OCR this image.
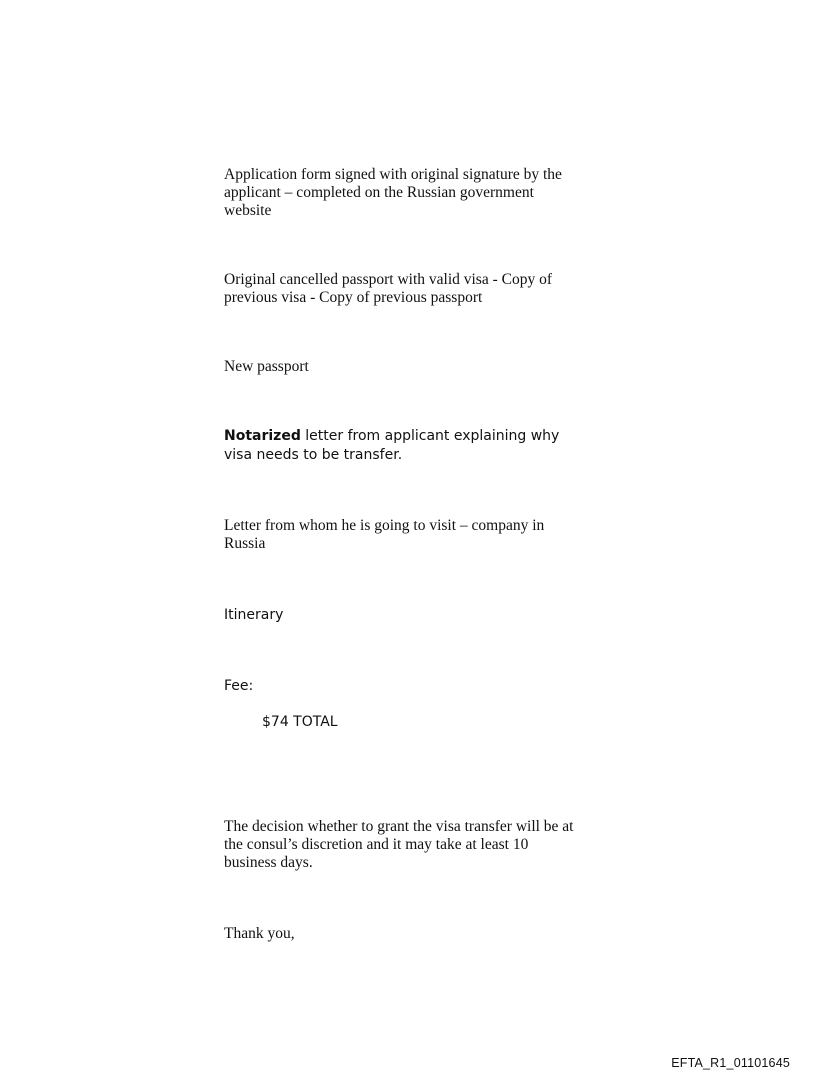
Application form signed with original signature by the applicant – completed on the Russian government website

Original cancelled passport with valid visa - Copy of previous visa - Copy of previous passport

New passport

Notarized letter from applicant explaining why visa needs to be transfer.

Letter from whom he is going to visit – company in Russia

Itinerary

Fee:

$74 TOTAL

The decision whether to grant the visa transfer will be at the consul’s discretion and it may take at least 10 business days.

Thank you,

EFTA_R1_01101645
